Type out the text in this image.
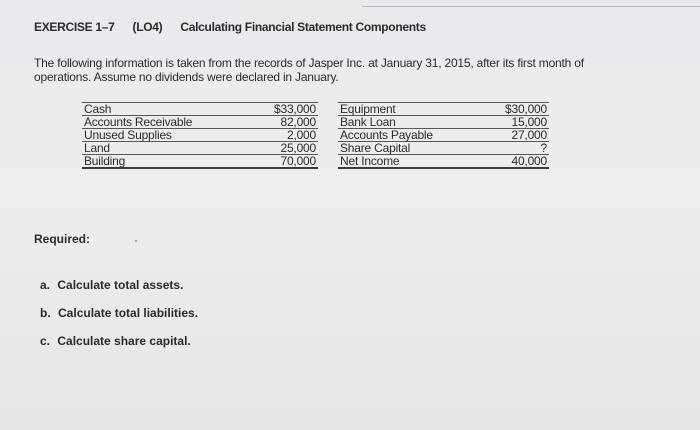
EXERCISE 1–7 (LO4) Calculating Financial Statement Components
The following information is taken from the records of Jasper Inc. at January 31, 2015, after its first month of operations. Assume no dividends were declared in January.
Cash	$33,000		Equipment	$30,000
Accounts Receivable	82,000		Bank Loan	15,000
Unused Supplies	2,000		Accounts Payable	27,000
Land	25,000		Share Capital	?
Building	70,000		Net Income	40,000
Required:
a. Calculate total assets.
b. Calculate total liabilities.
c. Calculate share capital.
